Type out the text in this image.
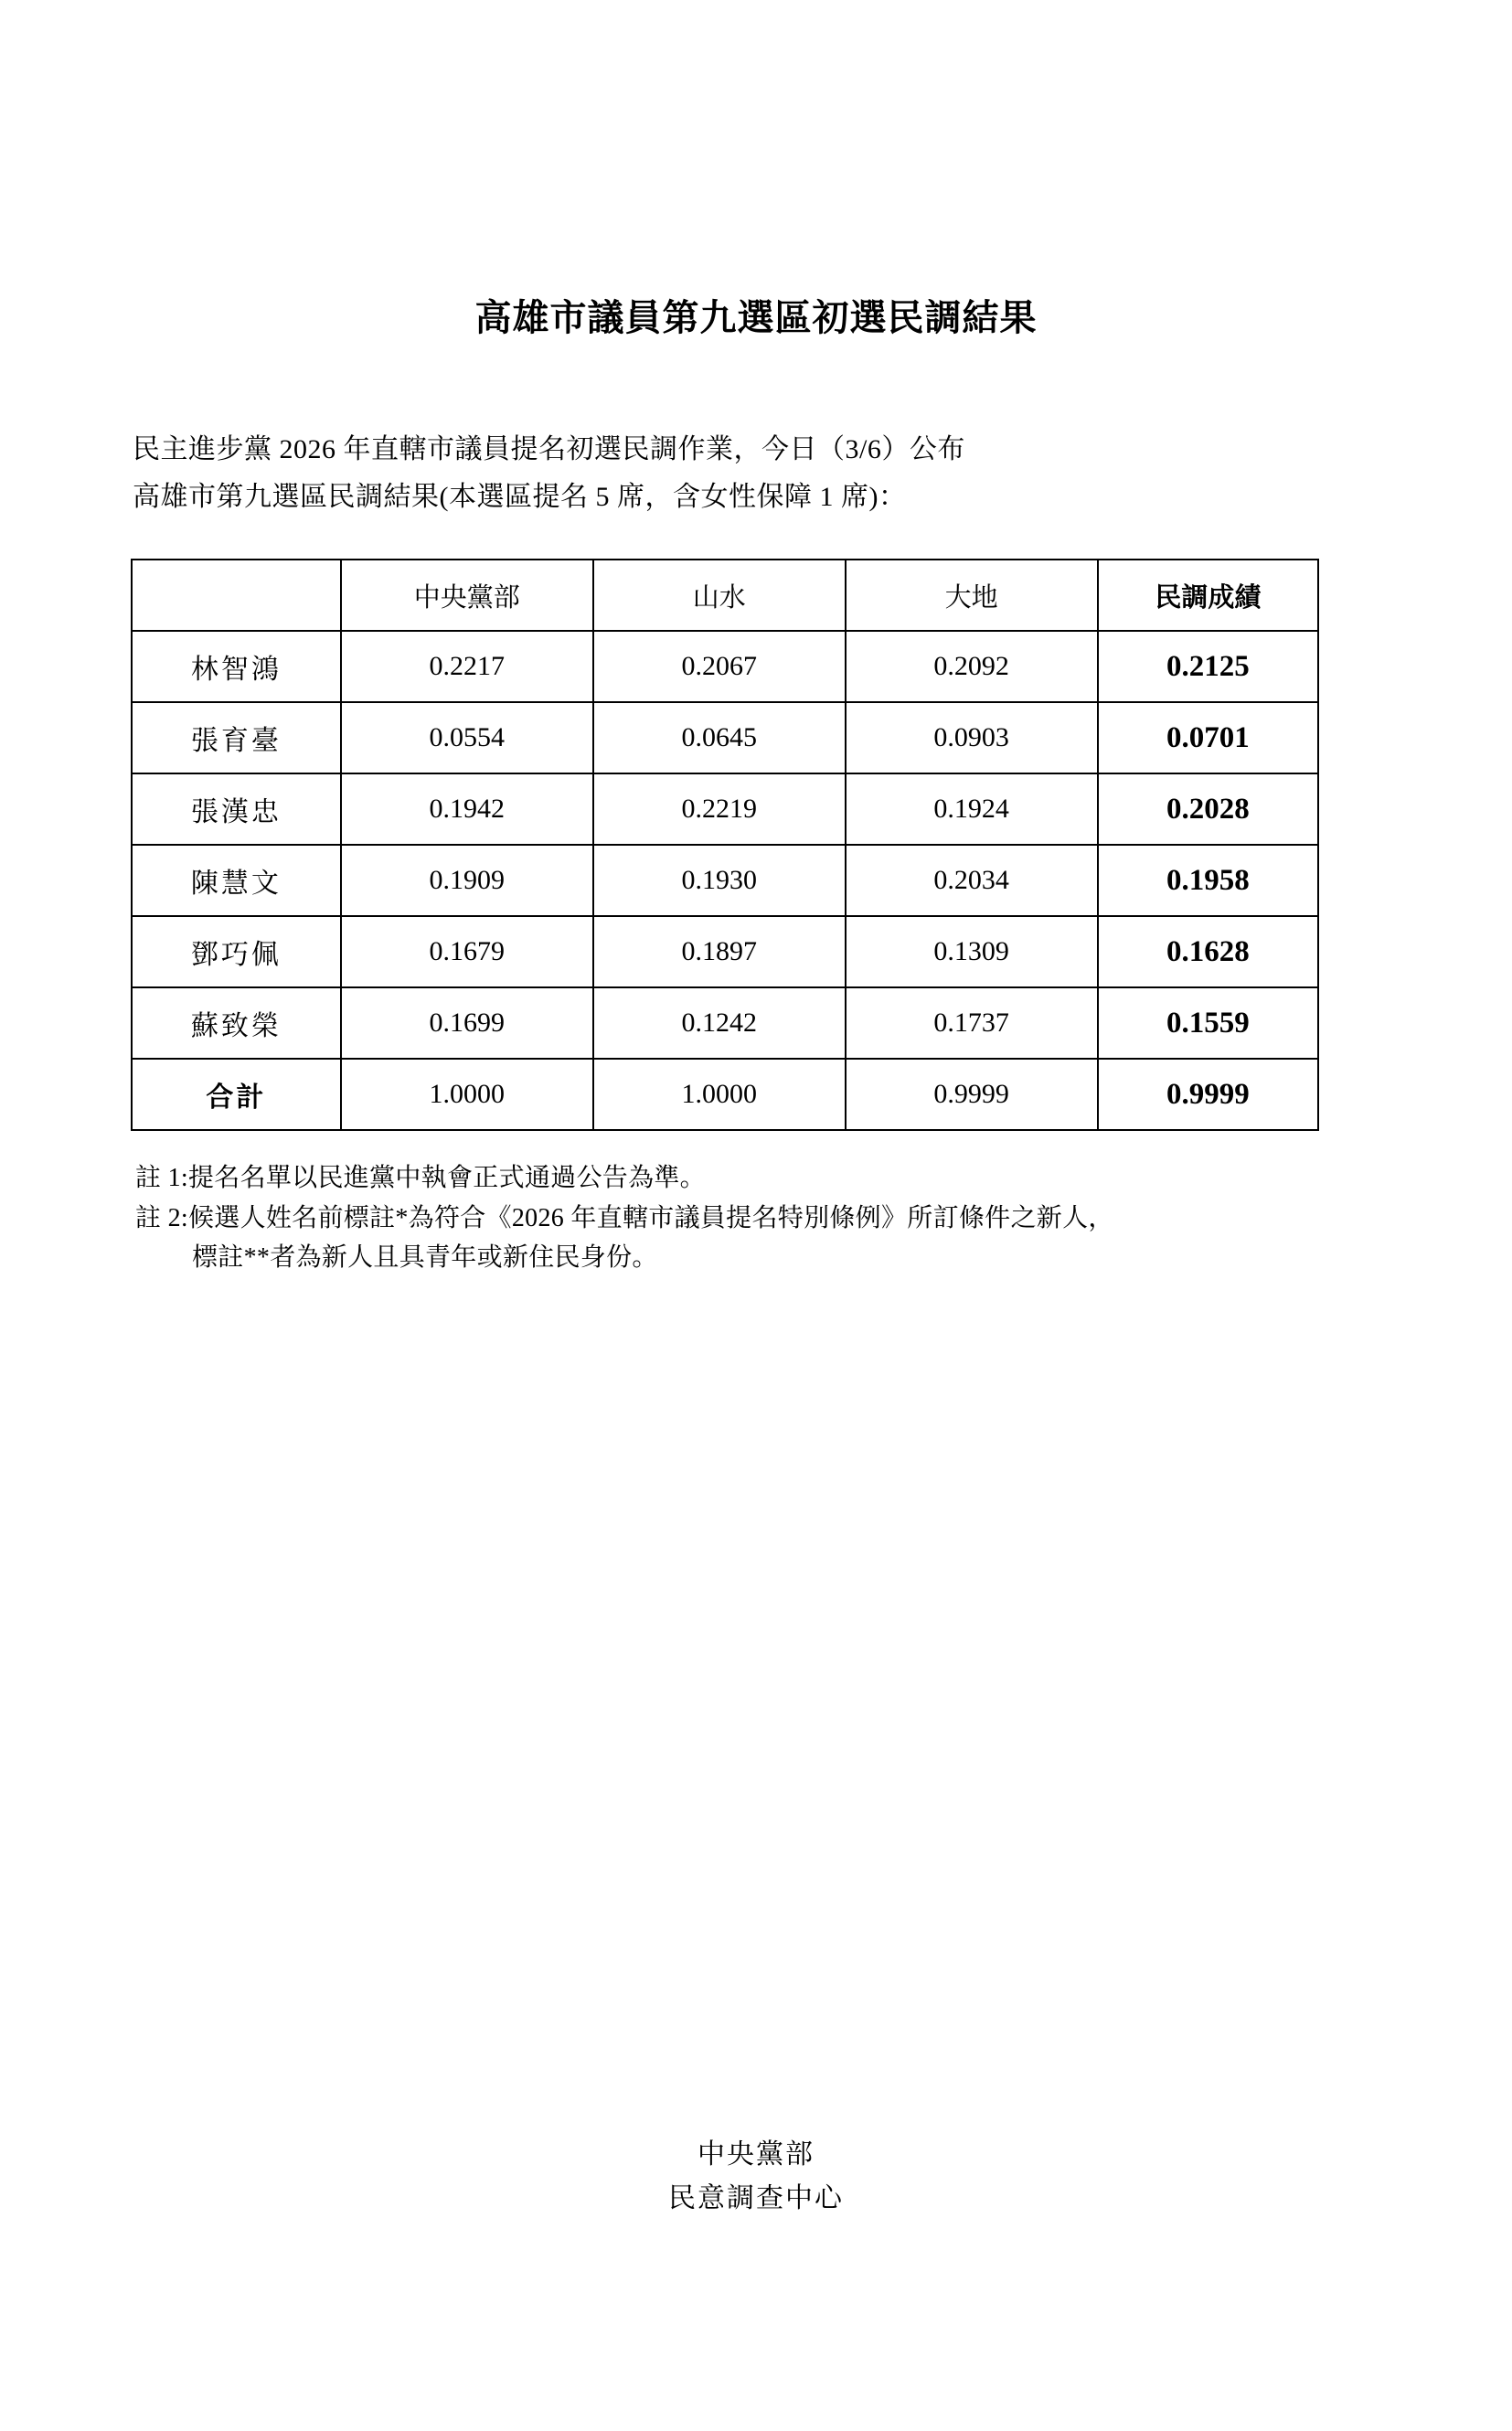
高雄市議員第九選區初選民調結果
民主進步黨 2026 年直轄市議員提名初選民調作業，今日（3/6）公布
高雄市第九選區民調結果(本選區提名 5 席，含女性保障 1 席)：
	中央黨部	山水	大地	民調成績
林智鴻	0.2217	0.2067	0.2092	0.2125
張育臺	0.0554	0.0645	0.0903	0.0701
張漢忠	0.1942	0.2219	0.1924	0.2028
陳慧文	0.1909	0.1930	0.2034	0.1958
鄧巧佩	0.1679	0.1897	0.1309	0.1628
蘇致榮	0.1699	0.1242	0.1737	0.1559
合計	1.0000	1.0000	0.9999	0.9999
註 1:提名名單以民進黨中執會正式通過公告為準。
註 2:候選人姓名前標註*為符合《2026 年直轄市議員提名特別條例》所訂條件之新人，
標註**者為新人且具青年或新住民身份。
中央黨部
民意調查中心
